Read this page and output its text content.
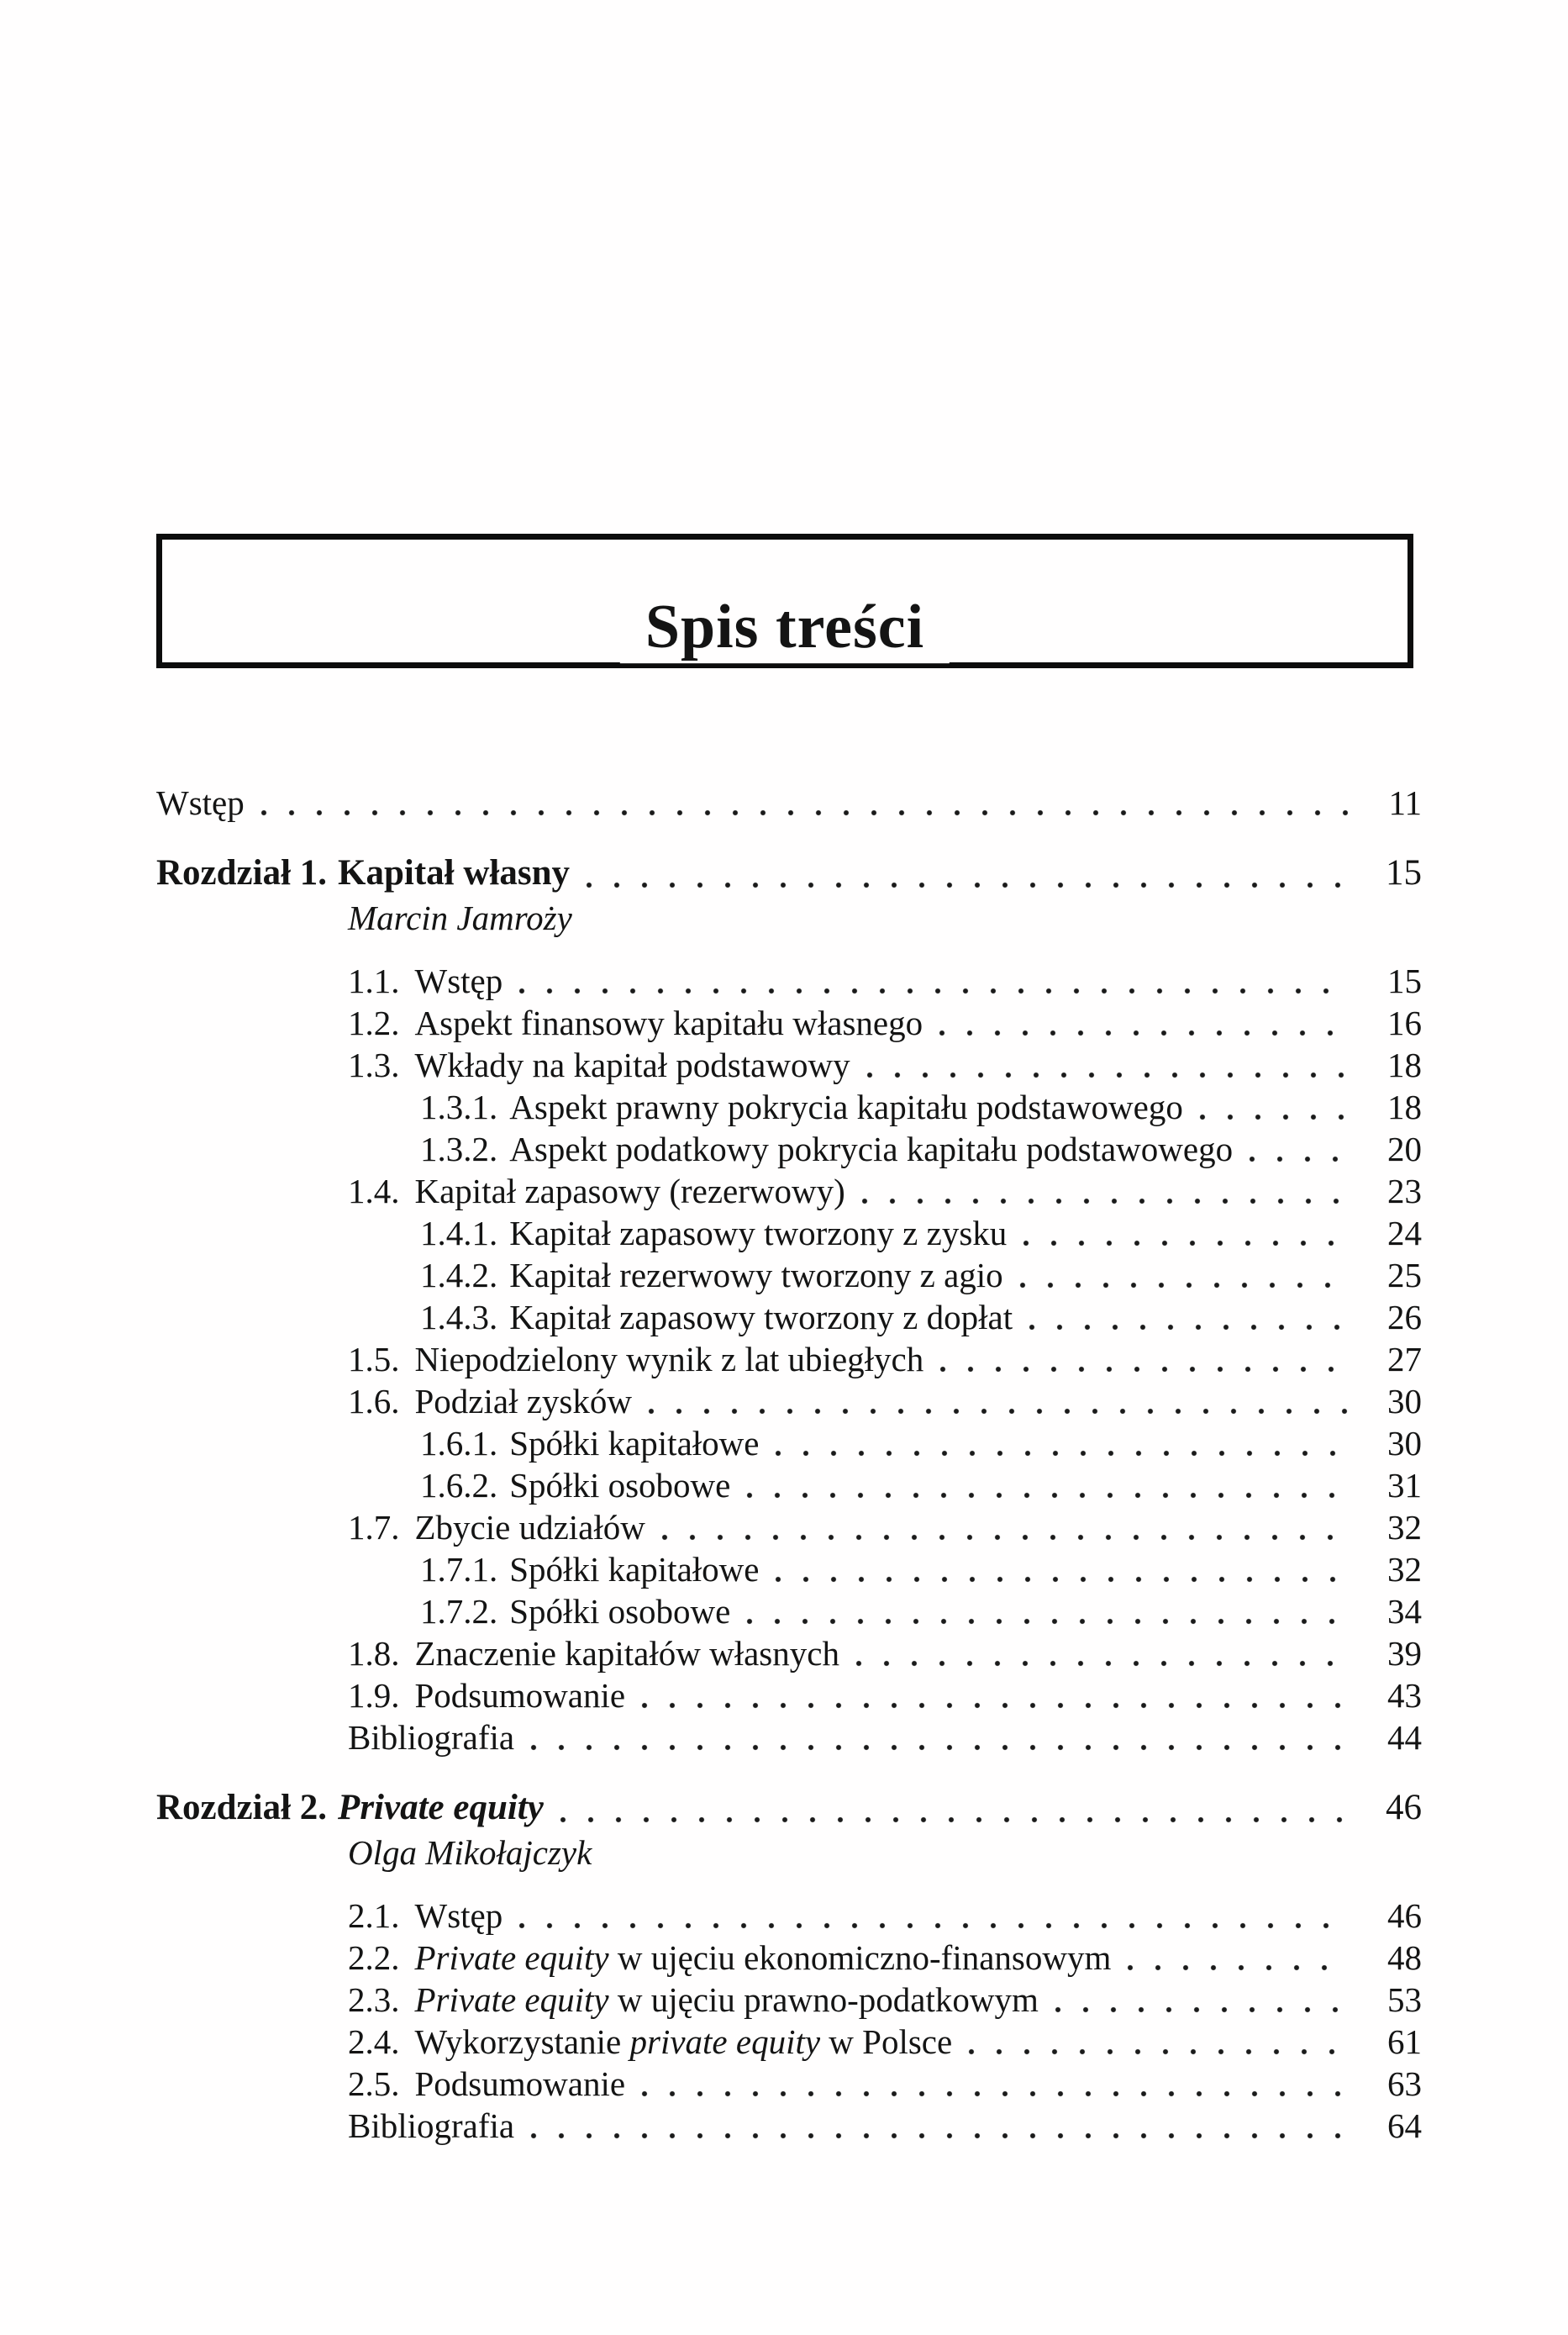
Spis treści
Wstęp	11
Rozdział 1. Kapitał własny	15
Marcin Jamroży
1.1. Wstęp	15
1.2. Aspekt finansowy kapitału własnego	16
1.3. Wkłady na kapitał podstawowy	18
1.3.1. Aspekt prawny pokrycia kapitału podstawowego	18
1.3.2. Aspekt podatkowy pokrycia kapitału podstawowego	20
1.4. Kapitał zapasowy (rezerwowy)	23
1.4.1. Kapitał zapasowy tworzony z zysku	24
1.4.2. Kapitał rezerwowy tworzony z agio	25
1.4.3. Kapitał zapasowy tworzony z dopłat	26
1.5. Niepodzielony wynik z lat ubiegłych	27
1.6. Podział zysków	30
1.6.1. Spółki kapitałowe	30
1.6.2. Spółki osobowe	31
1.7. Zbycie udziałów	32
1.7.1. Spółki kapitałowe	32
1.7.2. Spółki osobowe	34
1.8. Znaczenie kapitałów własnych	39
1.9. Podsumowanie	43
Bibliografia	44
Rozdział 2. Private equity	46
Olga Mikołajczyk
2.1. Wstęp	46
2.2. Private equity w ujęciu ekonomiczno-finansowym	48
2.3. Private equity w ujęciu prawno-podatkowym	53
2.4. Wykorzystanie private equity w Polsce	61
2.5. Podsumowanie	63
Bibliografia	64
